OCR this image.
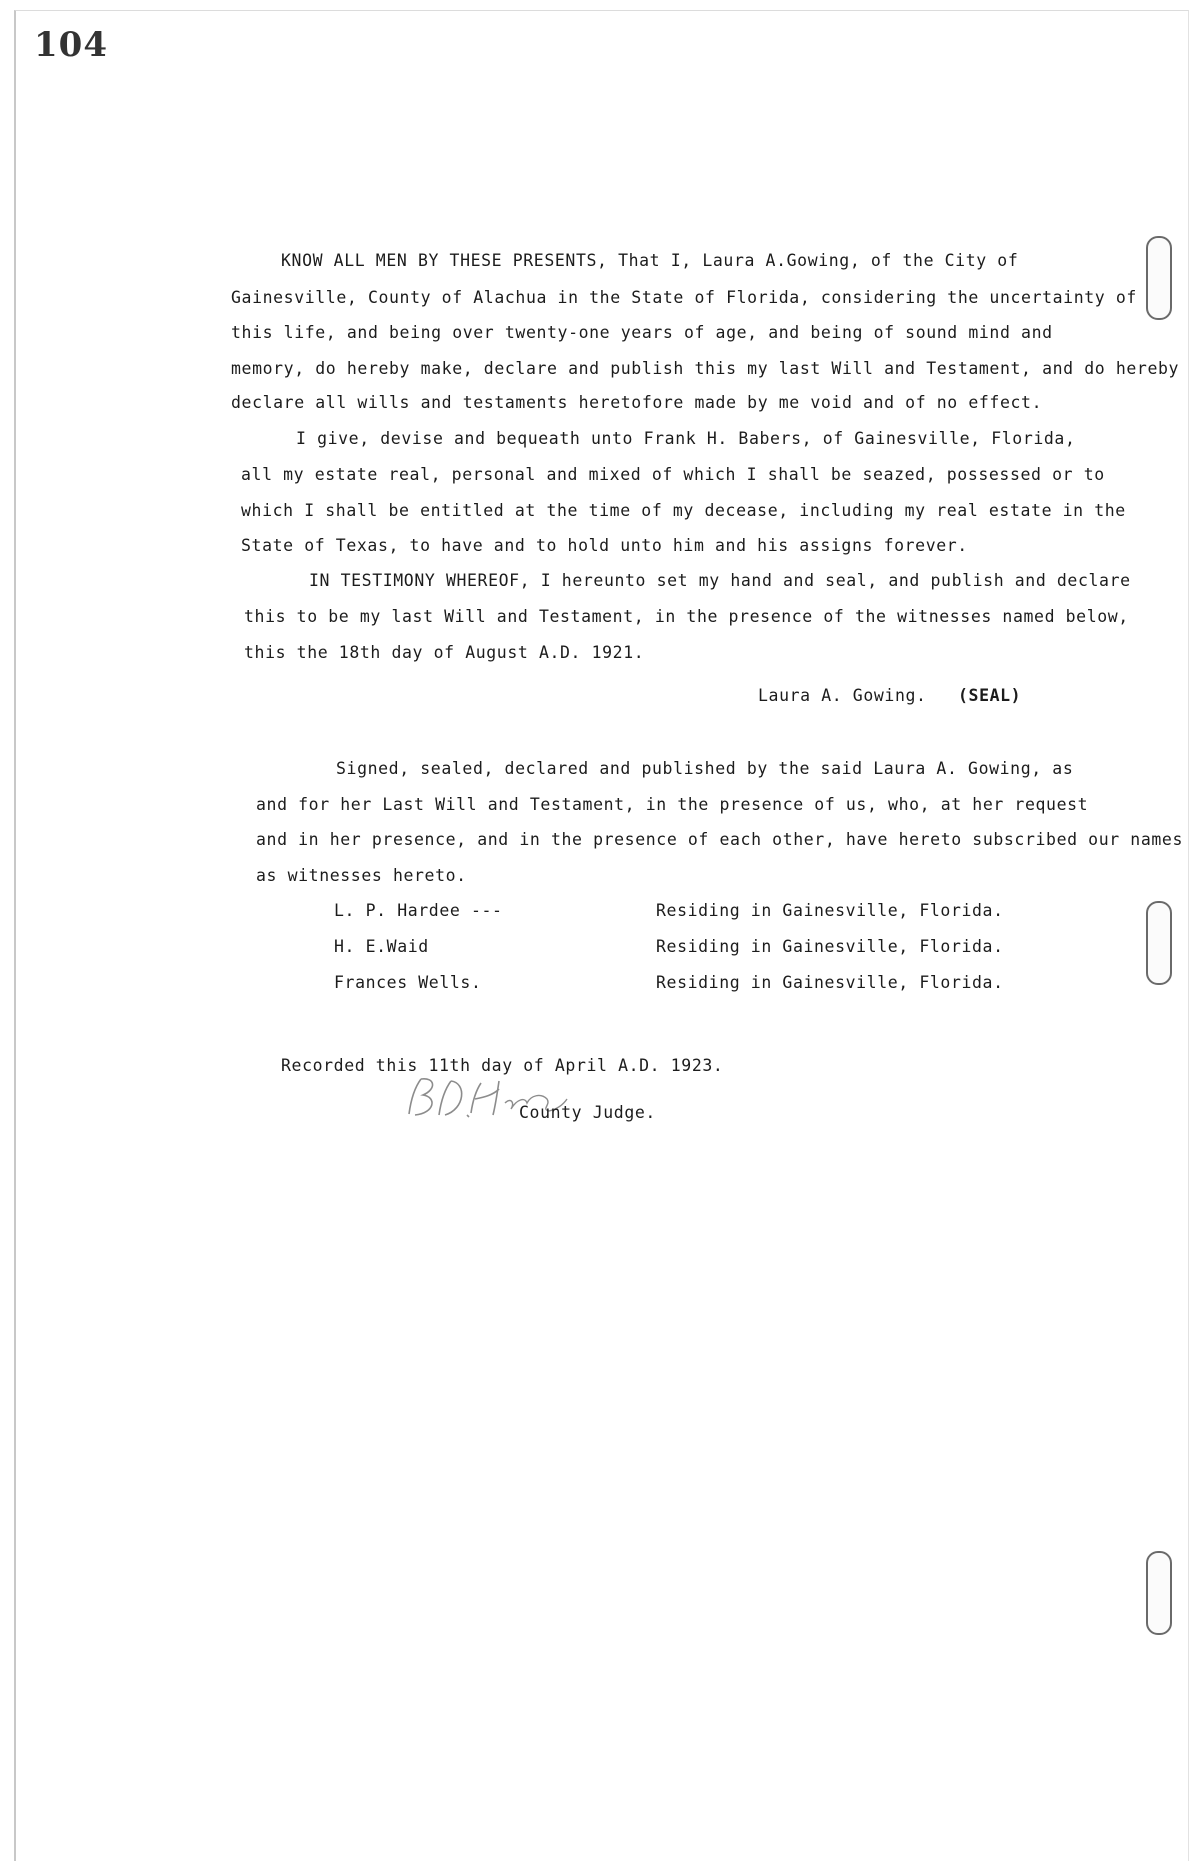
104
KNOW ALL MEN BY THESE PRESENTS, That I, Laura A.Gowing, of the City of
Gainesville, County of Alachua in the State of Florida, considering the uncertainty of
this life, and being over twenty-one years of age, and being of sound mind and
memory, do hereby make, declare and publish this my last Will and Testament, and do hereby
declare all wills and testaments heretofore made by me void and of no effect.
I give, devise and bequeath unto Frank H. Babers, of Gainesville, Florida,
all my estate real, personal and mixed of which I shall be seazed, possessed or to
which I shall be entitled at the time of my decease, including my real estate in the
State of Texas, to have and to hold unto him and his assigns forever.
IN TESTIMONY WHEREOF, I hereunto set my hand and seal, and publish and declare
this to be my last Will and Testament, in the presence of the witnesses named below,
this the 18th day of August A.D. 1921.
Laura A. Gowing. (SEAL)
Signed, sealed, declared and published by the said Laura A. Gowing, as
and for her Last Will and Testament, in the presence of us, who, at her request
and in her presence, and in the presence of each other, have hereto subscribed our names
as witnesses hereto.
L. P. Hardee ---	Residing in Gainesville, Florida.
H. E.Waid	Residing in Gainesville, Florida.
Frances Wells.	Residing in Gainesville, Florida.
Recorded this 11th day of April A.D. 1923.
County Judge.
